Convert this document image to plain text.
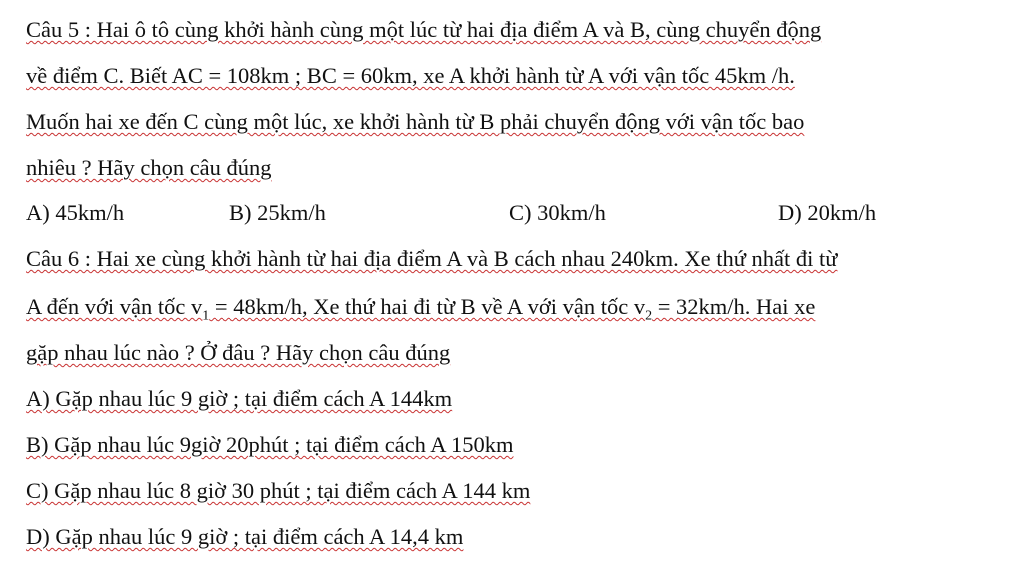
Câu 5 : Hai ô tô cùng khởi hành cùng một lúc từ hai địa điểm A và B, cùng chuyển động
về điểm C. Biết AC = 108km ; BC = 60km, xe A khởi hành từ A với vận tốc 45km /h.
Muốn hai xe đến C cùng một lúc, xe khởi hành từ B phải chuyển động với vận tốc bao
nhiêu ? Hãy chọn câu đúng
A) 45km/h	B) 25km/h	C) 30km/h	D) 20km/h
Câu 6 : Hai xe cùng khởi hành từ hai địa điểm A và B cách nhau 240km. Xe thứ nhất đi từ
A đến với vận tốc $v_1 = 48km/h$, Xe thứ hai đi từ B về A với vận tốc $v_2 = 32km/h$. Hai xe
gặp nhau lúc nào ? Ở đâu ? Hãy chọn câu đúng
A) Gặp nhau lúc 9 giờ ; tại điểm cách A 144km
B) Gặp nhau lúc 9giờ 20phút ; tại điểm cách A 150km
C) Gặp nhau lúc 8 giờ 30 phút ; tại điểm cách A 144 km
D) Gặp nhau lúc 9 giờ ; tại điểm cách A 14,4 km
